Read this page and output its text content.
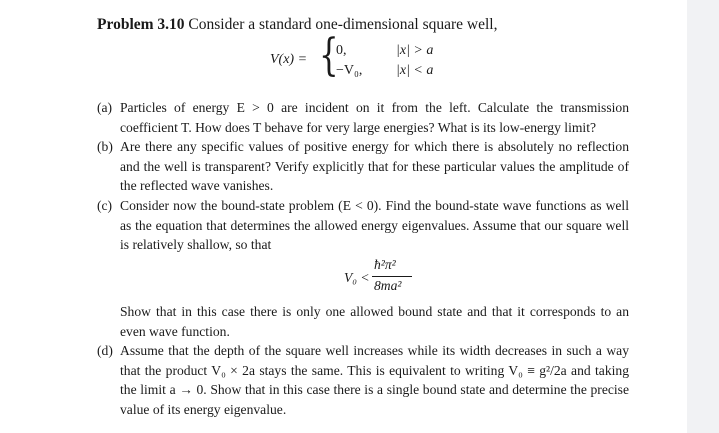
Problem 3.10 Consider a standard one-dimensional square well,
V(x) = {
0,	|x| > a
−V₀, |x| < a
(a) Particles of energy E > 0 are incident on it from the left. Calculate the transmission coefficient T. How does T behave for very large energies? What is its low-energy limit?
(b) Are there any specific values of positive energy for which there is absolutely no reflection and the well is transparent? Verify explicitly that for these particular values the amplitude of the reflected wave vanishes.
(c) Consider now the bound-state problem (E < 0). Find the bound-state wave functions as well as the equation that determines the allowed energy eigenvalues. Assume that our square well is relatively shallow, so that
V₀ <
ħ²π²
8ma²
Show that in this case there is only one allowed bound state and that it corresponds to an even wave function.
(d) Assume that the depth of the square well increases while its width decreases in such a way that the product V₀ × 2a stays the same. This is equivalent to writing V₀ ≡ g²/2a and taking the limit a → 0. Show that in this case there is a single bound state and determine the precise value of its energy eigenvalue.
